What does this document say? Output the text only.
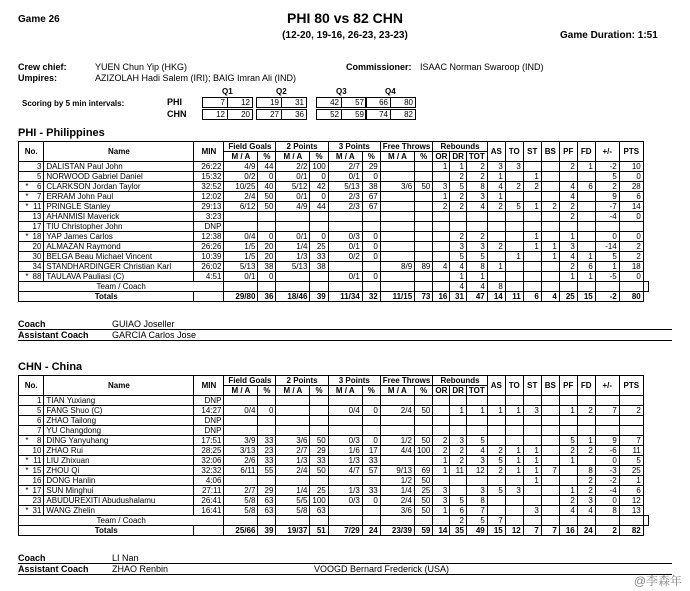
Game 26	PHI 80 vs 82 CHN
(12-20, 19-16, 26-23, 23-23)	Game Duration: 1:51
Crew chief:	YUEN Chun Yip (HKG)	Commissioner: ISAAC Norman Swaroop (IND)
Umpires:	AZIZOLAH Hadi Salem (IRI); BAIG Imran Ali (IND)
Scoring by 5 min intervals:
@李森年
Q1	Q2	Q3	Q4
PHI	7	12	19	31	42	57 66	80
CHN	12	20	27	36	52	59 74	82
PHI - Philippines
No.		Name	MIN	Field Goals		2 Points		3 Points		Free Throws		Rebounds			AS	TO	ST	BS	PF	FD	+/-	PTS	
				M / A	%	M / A	%	M / A	%	M / A	%	OR	DR	TOT									
	3	DALISTAN Paul John	26:22	4/9	44	2/2	100	2/7	29			1	1	2	3	3			2	1	-2	10	
	5	NORWOOD Gabriel Daniel	15:32	0/2	0	0/1	0	0/1	0				2	2	1		1				5	0	
*	6	CLARKSON Jordan Taylor	32:52	10/25	40	5/12	42	5/13	38	3/6	50	3	5	8	4	2	2		4	6	2	28	
*	7	ERRAM John Paul	12:02	2/4	50	0/1	0	2/3	67			1	2	3	1				4		9	6	
*	11	PRINGLE Stanley	29:13	6/12	50	4/9	44	2/3	67			2	2	4	2	5	1	2	2		-7	14	
	13	AHANMISI Maverick	3:23																2		-4	0	
	17	TIU Christopher John	DNP																				
*	18	YAP James Carlos	12:38	0/4	0	0/1	0	0/3	0				2	2			1		1		0	0	
	20	ALMAZAN Raymond	26:26	1/5	20	1/4	25	0/1	0				3	3	2		1	1	3		-14	2	
	30	BELGA Beau Michael Vincent	10:39	1/5	20	1/3	33	0/2	0				5	5		1		1	4	1	5	2	
	34	STANDHARDINGER Christian Karl	26:02	5/13	38	5/13	38			8/9	89	4	4	8	1				2	6	1	18	
*	88	TAULAVA Pauliasi (C)	4:51	0/1	0			0/1	0				1	1					1	1	-5	0	
Team / Coach													4	4	8								
Totals				29/80	36	18/46	39	11/34	32	11/15	73	16	31	47	14	11	6	4	25	15	-2	80	
Coach	GUIAO Joseller
Assistant Coach	GARCIA Carlos Jose
CHN - China
No.		Name	MIN	Field Goals		2 Points		3 Points		Free Throws		Rebounds			AS	TO	ST	BS	PF	FD	+/-	PTS	
				M / A	%	M / A	%	M / A	%	M / A	%	OR	DR	TOT									
	1	TIAN Yuxiang	DNP																				
	5	FANG Shuo (C)	14:27	0/4	0			0/4	0	2/4	50		1	1	1	1	3		1	2	7	2	
	6	ZHAO Tailong	DNP																				
	7	YU Changdong	DNP																				
*	8	DING Yanyuhang	17:51	3/9	33	3/6	50	0/3	0	1/2	50	2	3	5					5	1	9	7	
	10	ZHAO Rui	28:25	3/13	23	2/7	29	1/6	17	4/4	100	2	2	4	2	1	1		2	2	-6	11	
*	11	LIU Zhixuan	32:06	2/6	33	1/3	33	1/3	33			1	2	3	5	1	1		1		0	5	
*	15	ZHOU Qi	32:32	6/11	55	2/4	50	4/7	57	9/13	69	1	11	12	2	1	1	7		8	-3	25	
	16	DONG Hanlin	4:06							1/2	50						1			2	-2	1	
*	17	SUN Minghui	27:11	2/7	29	1/4	25	1/3	33	1/4	25	3		3	5	3			1	2	-4	6	
	23	ABUDUREXITI Abudushalamu	26:41	5/8	63	5/5	100	0/3	0	2/4	50	3	5	8					2	3	0	12	
*	31	WANG Zhelin	16:41	5/8	63	5/8	63			3/6	50	1	6	7			3		4	4	8	13	
Team / Coach													2	5	7								
Totals				25/66	39	19/37	51	7/29	24	23/39	59	14	35	49	15	12	7	7	16	24	2	82	
Coach	LI Nan
Assistant Coach	ZHAO Renbin	VOOGD Bernard Frederick (USA)
